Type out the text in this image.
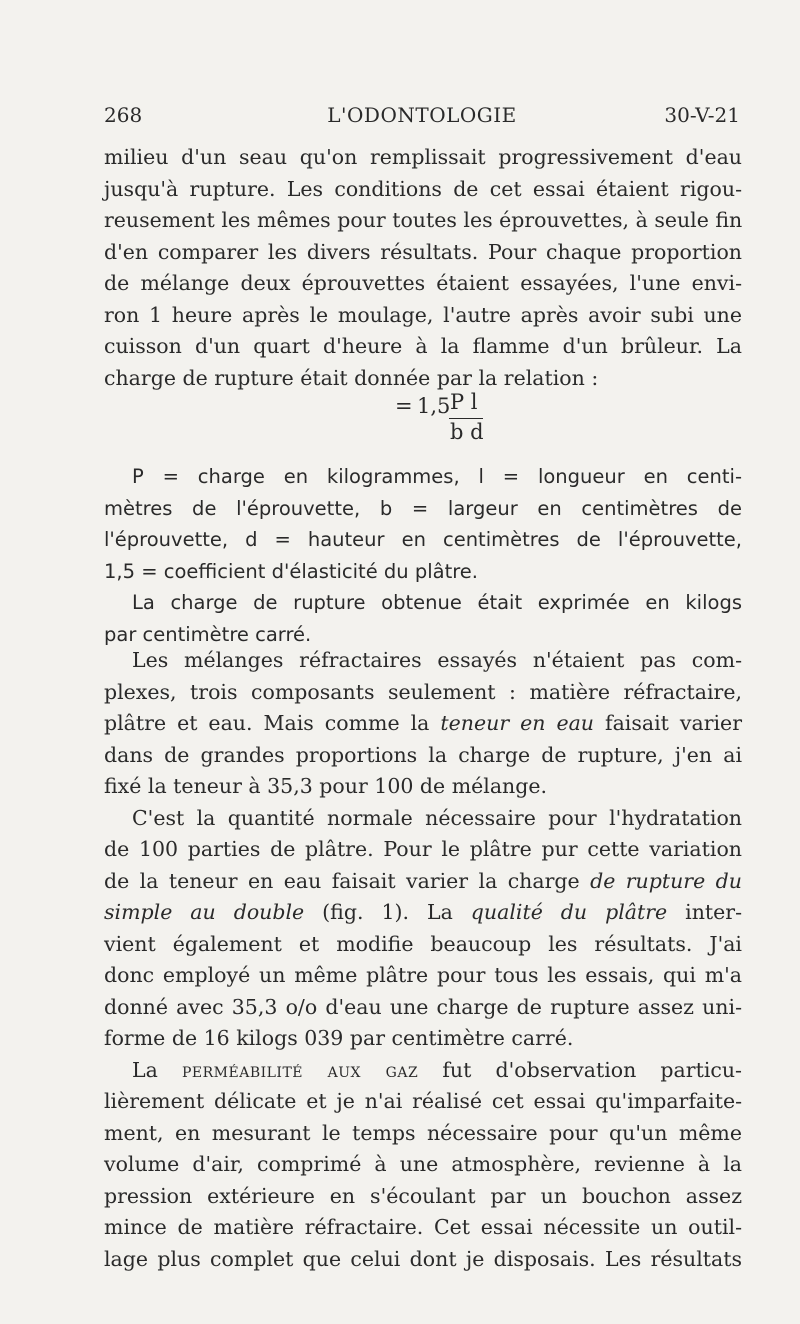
268	L'ODONTOLOGIE	30-V-21
milieu d'un seau qu'on remplissait progressivement d'eau
jusqu'à rupture. Les conditions de cet essai étaient rigou-
reusement les mêmes pour toutes les éprouvettes, à seule fin
d'en comparer les divers résultats. Pour chaque proportion
de mélange deux éprouvettes étaient essayées, l'une envi-
ron 1 heure après le moulage, l'autre après avoir subi une
cuisson d'un quart d'heure à la flamme d'un brûleur. La
charge de rupture était donnée par la relation :
= 1,5 P l
b d
P = charge en kilogrammes, l = longueur en centi-
mètres de l'éprouvette, b = largeur en centimètres de
l'éprouvette, d = hauteur en centimètres de l'éprouvette,
1,5 = coefficient d'élasticité du plâtre.
La charge de rupture obtenue était exprimée en kilogs
par centimètre carré.
Les mélanges réfractaires essayés n'étaient pas com-
plexes, trois composants seulement : matière réfractaire,
plâtre et eau. Mais comme la teneur en eau faisait varier
dans de grandes proportions la charge de rupture, j'en ai
fixé la teneur à 35,3 pour 100 de mélange.
C'est la quantité normale nécessaire pour l'hydratation
de 100 parties de plâtre. Pour le plâtre pur cette variation
de la teneur en eau faisait varier la charge de rupture du
simple au double (fig. 1). La qualité du plâtre inter-
vient également et modifie beaucoup les résultats. J'ai
donc employé un même plâtre pour tous les essais, qui m'a
donné avec 35,3 o/o d'eau une charge de rupture assez uni-
forme de 16 kilogs 039 par centimètre carré.
La perméabilité aux gaz fut d'observation particu-
lièrement délicate et je n'ai réalisé cet essai qu'imparfaite-
ment, en mesurant le temps nécessaire pour qu'un même
volume d'air, comprimé à une atmosphère, revienne à la
pression extérieure en s'écoulant par un bouchon assez
mince de matière réfractaire. Cet essai nécessite un outil-
lage plus complet que celui dont je disposais. Les résultats
